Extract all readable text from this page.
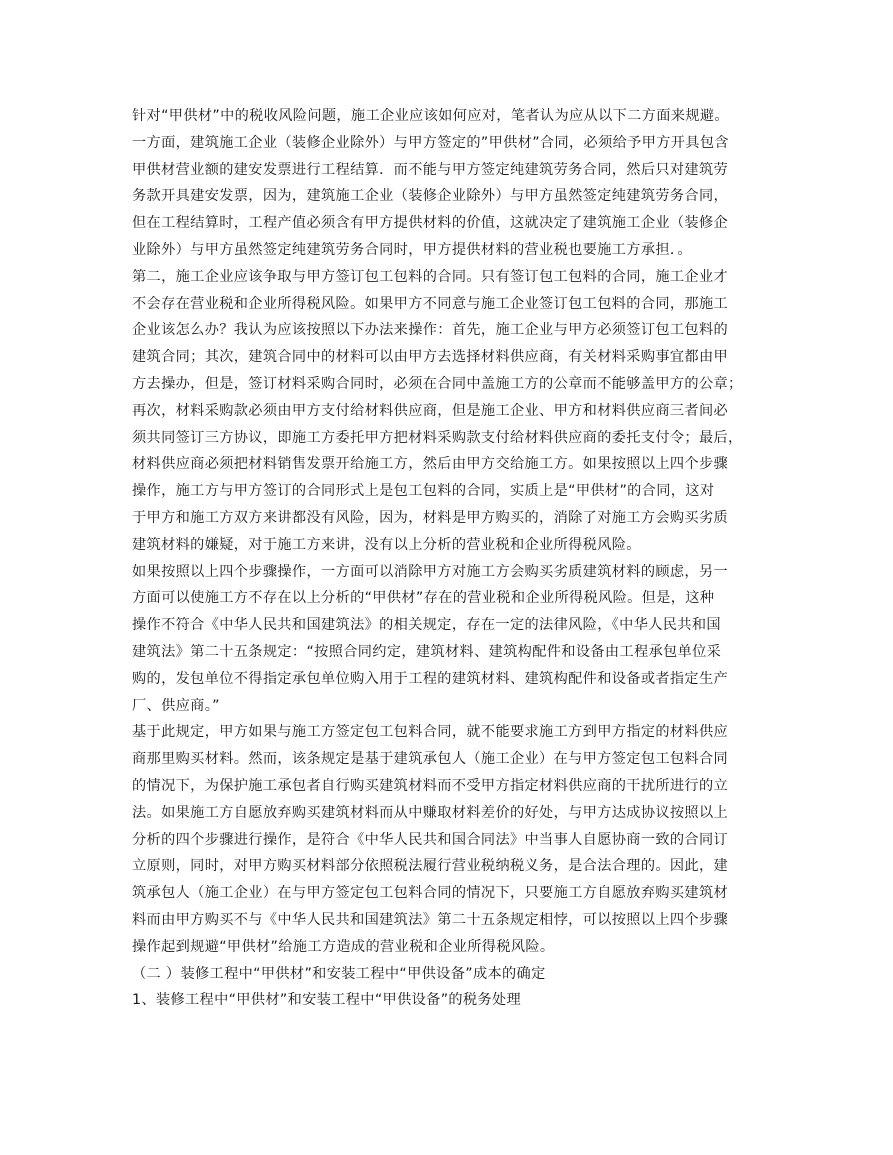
针对“甲供材”中的税收风险问题，施工企业应该如何应对，笔者认为应从以下二方面来规避。
一方面，建筑施工企业（装修企业除外）与甲方签定的”甲供材”合同，必须给予甲方开具包含
甲供材营业额的建安发票进行工程结算．而不能与甲方签定纯建筑劳务合同，然后只对建筑劳
务款开具建安发票，因为，建筑施工企业（装修企业除外）与甲方虽然签定纯建筑劳务合同，
但在工程结算时，工程产值必须含有甲方提供材料的价值，这就决定了建筑施工企业（装修企
业除外）与甲方虽然签定纯建筑劳务合同时，甲方提供材料的营业税也要施工方承担．。
第二，施工企业应该争取与甲方签订包工包料的合同。只有签订包工包料的合同，施工企业才
不会存在营业税和企业所得税风险。如果甲方不同意与施工企业签订包工包料的合同，那施工
企业该怎么办？我认为应该按照以下办法来操作：首先，施工企业与甲方必须签订包工包料的
建筑合同；其次，建筑合同中的材料可以由甲方去选择材料供应商，有关材料采购事宜都由甲
方去操办，但是，签订材料采购合同时，必须在合同中盖施工方的公章而不能够盖甲方的公章；
再次，材料采购款必须由甲方支付给材料供应商，但是施工企业、甲方和材料供应商三者间必
须共同签订三方协议，即施工方委托甲方把材料采购款支付给材料供应商的委托支付令；最后，
材料供应商必须把材料销售发票开给施工方，然后由甲方交给施工方。如果按照以上四个步骤
操作，施工方与甲方签订的合同形式上是包工包料的合同，实质上是“甲供材”的合同，这对
于甲方和施工方双方来讲都没有风险，因为，材料是甲方购买的，消除了对施工方会购买劣质
建筑材料的嫌疑，对于施工方来讲，没有以上分析的营业税和企业所得税风险。
如果按照以上四个步骤操作，一方面可以消除甲方对施工方会购买劣质建筑材料的顾虑，另一
方面可以使施工方不存在以上分析的“甲供材”存在的营业税和企业所得税风险。但是，这种
操作不符合《中华人民共和国建筑法》的相关规定，存在一定的法律风险，《中华人民共和国
建筑法》第二十五条规定：“按照合同约定，建筑材料、建筑构配件和设备由工程承包单位采
购的，发包单位不得指定承包单位购入用于工程的建筑材料、建筑构配件和设备或者指定生产
厂、供应商。”
基于此规定，甲方如果与施工方签定包工包料合同，就不能要求施工方到甲方指定的材料供应
商那里购买材料。然而，该条规定是基于建筑承包人（施工企业）在与甲方签定包工包料合同
的情况下，为保护施工承包者自行购买建筑材料而不受甲方指定材料供应商的干扰所进行的立
法。如果施工方自愿放弃购买建筑材料而从中赚取材料差价的好处，与甲方达成协议按照以上
分析的四个步骤进行操作，是符合《中华人民共和国合同法》中当事人自愿协商一致的合同订
立原则，同时，对甲方购买材料部分依照税法履行营业税纳税义务，是合法合理的。因此，建
筑承包人（施工企业）在与甲方签定包工包料合同的情况下，只要施工方自愿放弃购买建筑材
料而由甲方购买不与《中华人民共和国建筑法》第二十五条规定相悖，可以按照以上四个步骤
操作起到规避“甲供材”给施工方造成的营业税和企业所得税风险。
（二 ）装修工程中“甲供材”和安装工程中“甲供设备”成本的确定
1、装修工程中“甲供材”和安装工程中“甲供设备”的税务处理
